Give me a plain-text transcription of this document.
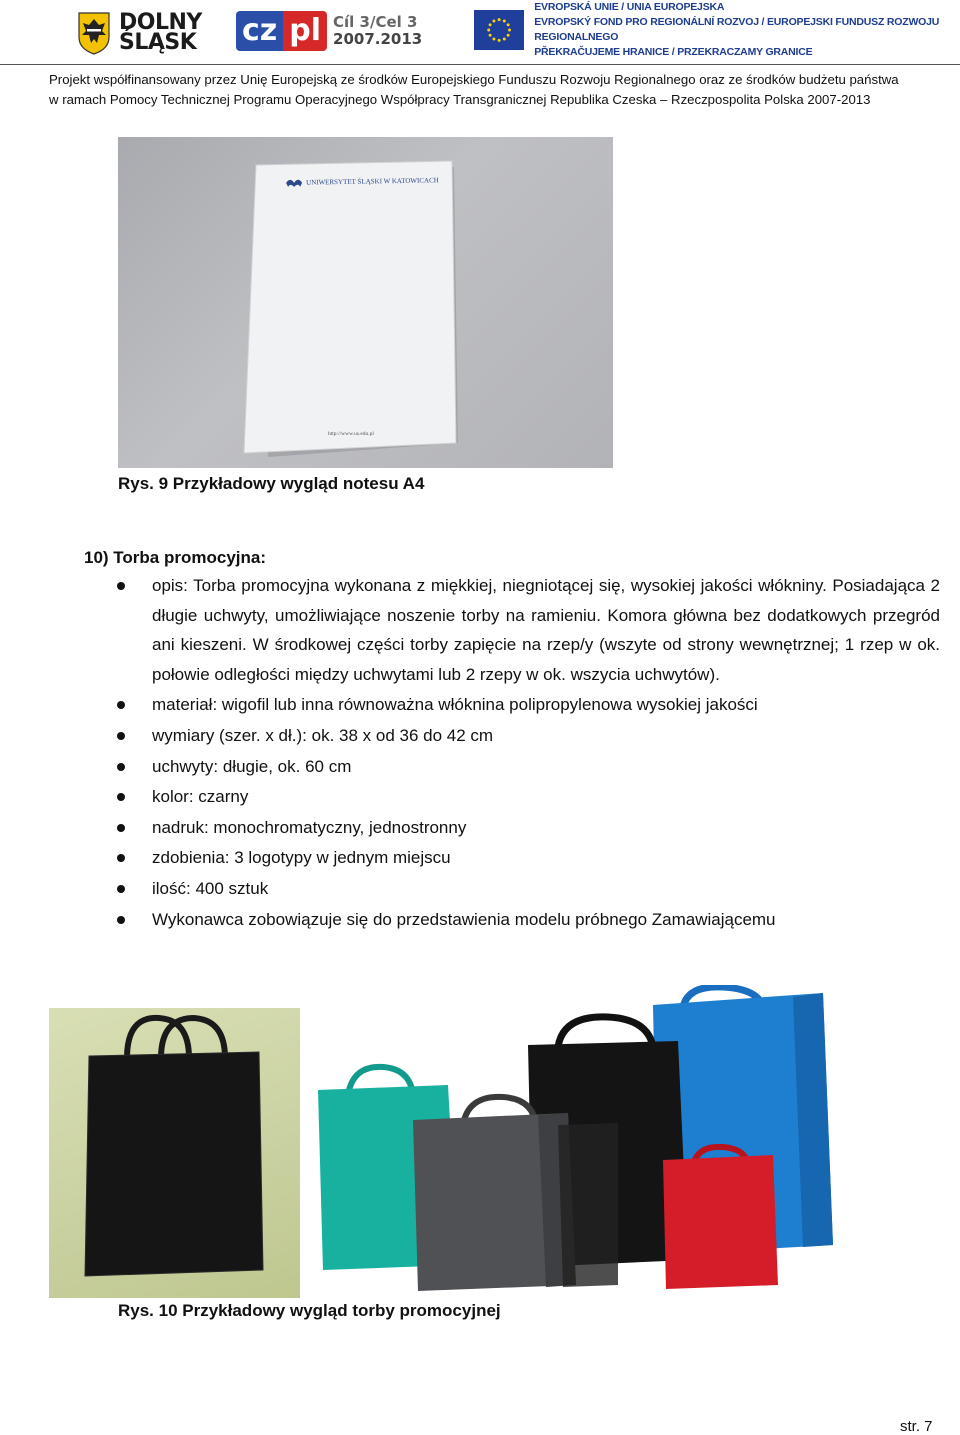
DOLNY
ŚLĄSK cz pl Cíl 3/Cel 3
2007.2013
EVROPSKÁ UNIE / UNIA EUROPEJSKA
EVROPSKÝ FOND PRO REGIONÁLNÍ ROZVOJ / EUROPEJSKI FUNDUSZ ROZWOJU REGIONALNEGO
PŘEKRAČUJEME HRANICE / PRZEKRACZAMY GRANICE
Projekt współfinansowany przez Unię Europejską ze środków Europejskiego Funduszu Rozwoju Regionalnego oraz ze środków budżetu państwa
w ramach Pomocy Technicznej Programu Operacyjnego Współpracy Transgranicznej Republika Czeska – Rzeczpospolita Polska 2007-2013
UNIWERSYTET ŚLĄSKI W KATOWICACH
http://www.us.edu.pl
Rys. 9 Przykładowy wygląd notesu A4
10) Torba promocyjna:
opis: Torba promocyjna wykonana z miękkiej, niegniotącej się, wysokiej jakości włókniny. Posiadająca 2 długie uchwyty, umożliwiające noszenie torby na ramieniu. Komora główna bez dodatkowych przegród ani kieszeni. W środkowej części torby zapięcie na rzep/y (wszyte od strony wewnętrznej; 1 rzep w ok. połowie odległości między uchwytami lub 2 rzepy w ok. wszycia uchwytów).
materiał: wigofil lub inna równoważna włóknina polipropylenowa wysokiej jakości
wymiary (szer. x dł.): ok. 38 x od 36 do 42 cm
uchwyty: długie, ok. 60 cm
kolor: czarny
nadruk: monochromatyczny, jednostronny
zdobienia: 3 logotypy w jednym miejscu
ilość: 400 sztuk
Wykonawca zobowiązuje się do przedstawienia modelu próbnego Zamawiającemu
Rys. 10 Przykładowy wygląd torby promocyjnej
str. 7
